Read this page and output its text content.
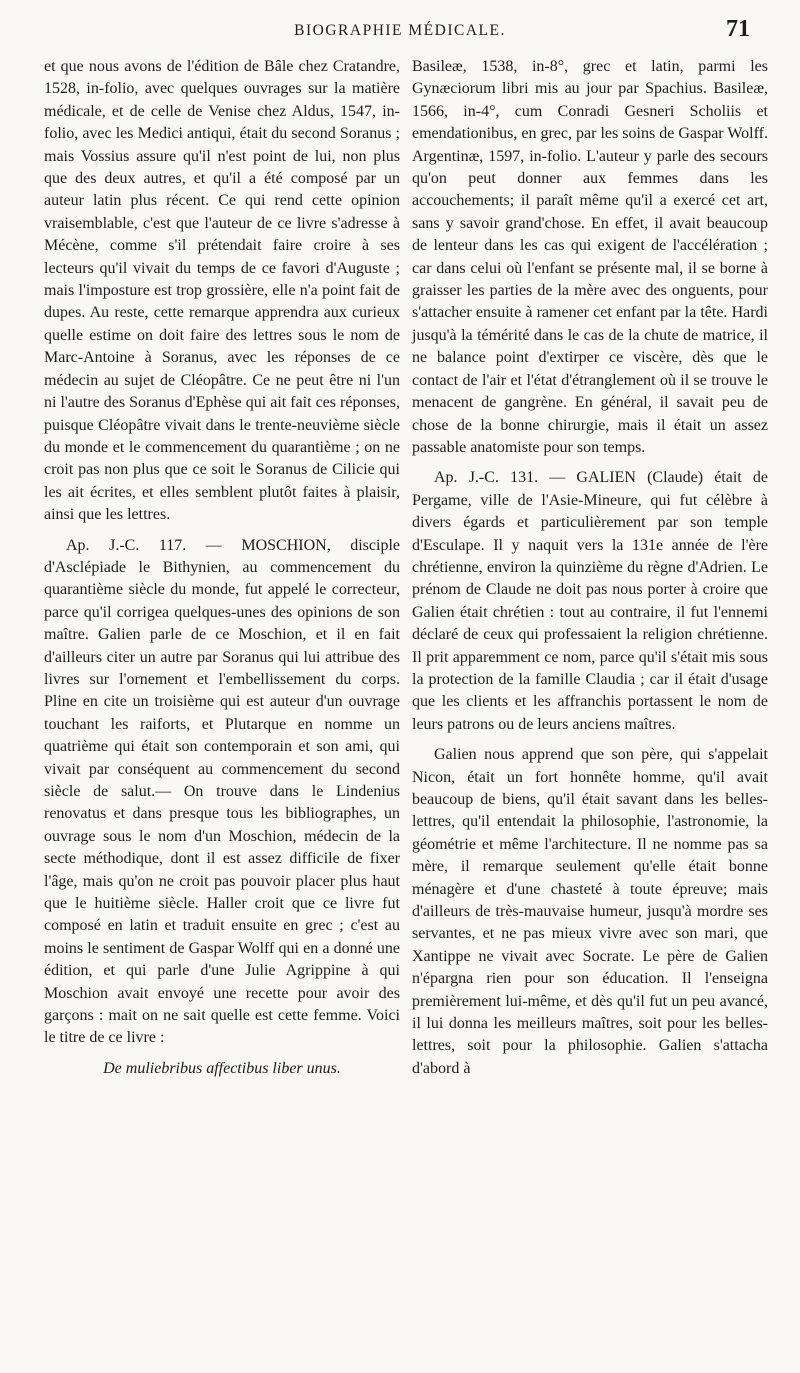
BIOGRAPHIE MÉDICALE.	71

et que nous avons de l'édition de Bâle chez Cratandre, 1528, in-folio, avec quelques ouvrages sur la matière médicale, et de celle de Venise chez Aldus, 1547, in-folio, avec les Medici antiqui, était du second Soranus ; mais Vossius assure qu'il n'est point de lui, non plus que des deux autres, et qu'il a été composé par un auteur latin plus récent. Ce qui rend cette opinion vraisemblable, c'est que l'auteur de ce livre s'adresse à Mécène, comme s'il prétendait faire croire à ses lecteurs qu'il vivait du temps de ce favori d'Auguste ; mais l'imposture est trop grossière, elle n'a point fait de dupes. Au reste, cette remarque apprendra aux curieux quelle estime on doit faire des lettres sous le nom de Marc-Antoine à Soranus, avec les réponses de ce médecin au sujet de Cléopâtre. Ce ne peut être ni l'un ni l'autre des Soranus d'Ephèse qui ait fait ces réponses, puisque Cléopâtre vivait dans le trente-neuvième siècle du monde et le commencement du quarantième ; on ne croit pas non plus que ce soit le Soranus de Cilicie qui les ait écrites, et elles semblent plutôt faites à plaisir, ainsi que les lettres.

Ap. J.-C. 117. — MOSCHION, disciple d'Asclépiade le Bithynien, au commencement du quarantième siècle du monde, fut appelé le correcteur, parce qu'il corrigea quelques-unes des opinions de son maître. Galien parle de ce Moschion, et il en fait d'ailleurs citer un autre par Soranus qui lui attribue des livres sur l'ornement et l'embellissement du corps. Pline en cite un troisième qui est auteur d'un ouvrage touchant les raiforts, et Plutarque en nomme un quatrième qui était son contemporain et son ami, qui vivait par conséquent au commencement du second siècle de salut.— On trouve dans le Lindenius renovatus et dans presque tous les bibliographes, un ouvrage sous le nom d'un Moschion, médecin de la secte méthodique, dont il est assez difficile de fixer l'âge, mais qu'on ne croit pas pouvoir placer plus haut que le huitième siècle. Haller croit que ce livre fut composé en latin et traduit ensuite en grec ; c'est au moins le sentiment de Gaspar Wolff qui en a donné une édition, et qui parle d'une Julie Agrippine à qui Moschion avait envoyé une recette pour avoir des garçons : mait on ne sait quelle est cette femme. Voici le titre de ce livre :

De muliebribus affectibus liber unus.

Basileæ, 1538, in-8°, grec et latin, parmi les Gynæciorum libri mis au jour par Spachius. Basileæ, 1566, in-4°, cum Conradi Gesneri Scholiis et emendationibus, en grec, par les soins de Gaspar Wolff. Argentinæ, 1597, in-folio. L'auteur y parle des secours qu'on peut donner aux femmes dans les accouchements; il paraît même qu'il a exercé cet art, sans y savoir grand'chose. En effet, il avait beaucoup de lenteur dans les cas qui exigent de l'accélération ; car dans celui où l'enfant se présente mal, il se borne à graisser les parties de la mère avec des onguents, pour s'attacher ensuite à ramener cet enfant par la tête. Hardi jusqu'à la témérité dans le cas de la chute de matrice, il ne balance point d'extirper ce viscère, dès que le contact de l'air et l'état d'étranglement où il se trouve le menacent de gangrène. En général, il savait peu de chose de la bonne chirurgie, mais il était un assez passable anatomiste pour son temps.

Ap. J.-C. 131. — GALIEN (Claude) était de Pergame, ville de l'Asie-Mineure, qui fut célèbre à divers égards et particulièrement par son temple d'Esculape. Il y naquit vers la 131e année de l'ère chrétienne, environ la quinzième du règne d'Adrien. Le prénom de Claude ne doit pas nous porter à croire que Galien était chrétien : tout au contraire, il fut l'ennemi déclaré de ceux qui professaient la religion chrétienne. Il prit apparemment ce nom, parce qu'il s'était mis sous la protection de la famille Claudia ; car il était d'usage que les clients et les affranchis portassent le nom de leurs patrons ou de leurs anciens maîtres.

Galien nous apprend que son père, qui s'appelait Nicon, était un fort honnête homme, qu'il avait beaucoup de biens, qu'il était savant dans les belles-lettres, qu'il entendait la philosophie, l'astronomie, la géométrie et même l'architecture. Il ne nomme pas sa mère, il remarque seulement qu'elle était bonne ménagère et d'une chasteté à toute épreuve; mais d'ailleurs de très-mauvaise humeur, jusqu'à mordre ses servantes, et ne pas mieux vivre avec son mari, que Xantippe ne vivait avec Socrate. Le père de Galien n'épargna rien pour son éducation. Il l'enseigna premièrement lui-même, et dès qu'il fut un peu avancé, il lui donna les meilleurs maîtres, soit pour les belles-lettres, soit pour la philosophie. Galien s'attacha d'abord à
